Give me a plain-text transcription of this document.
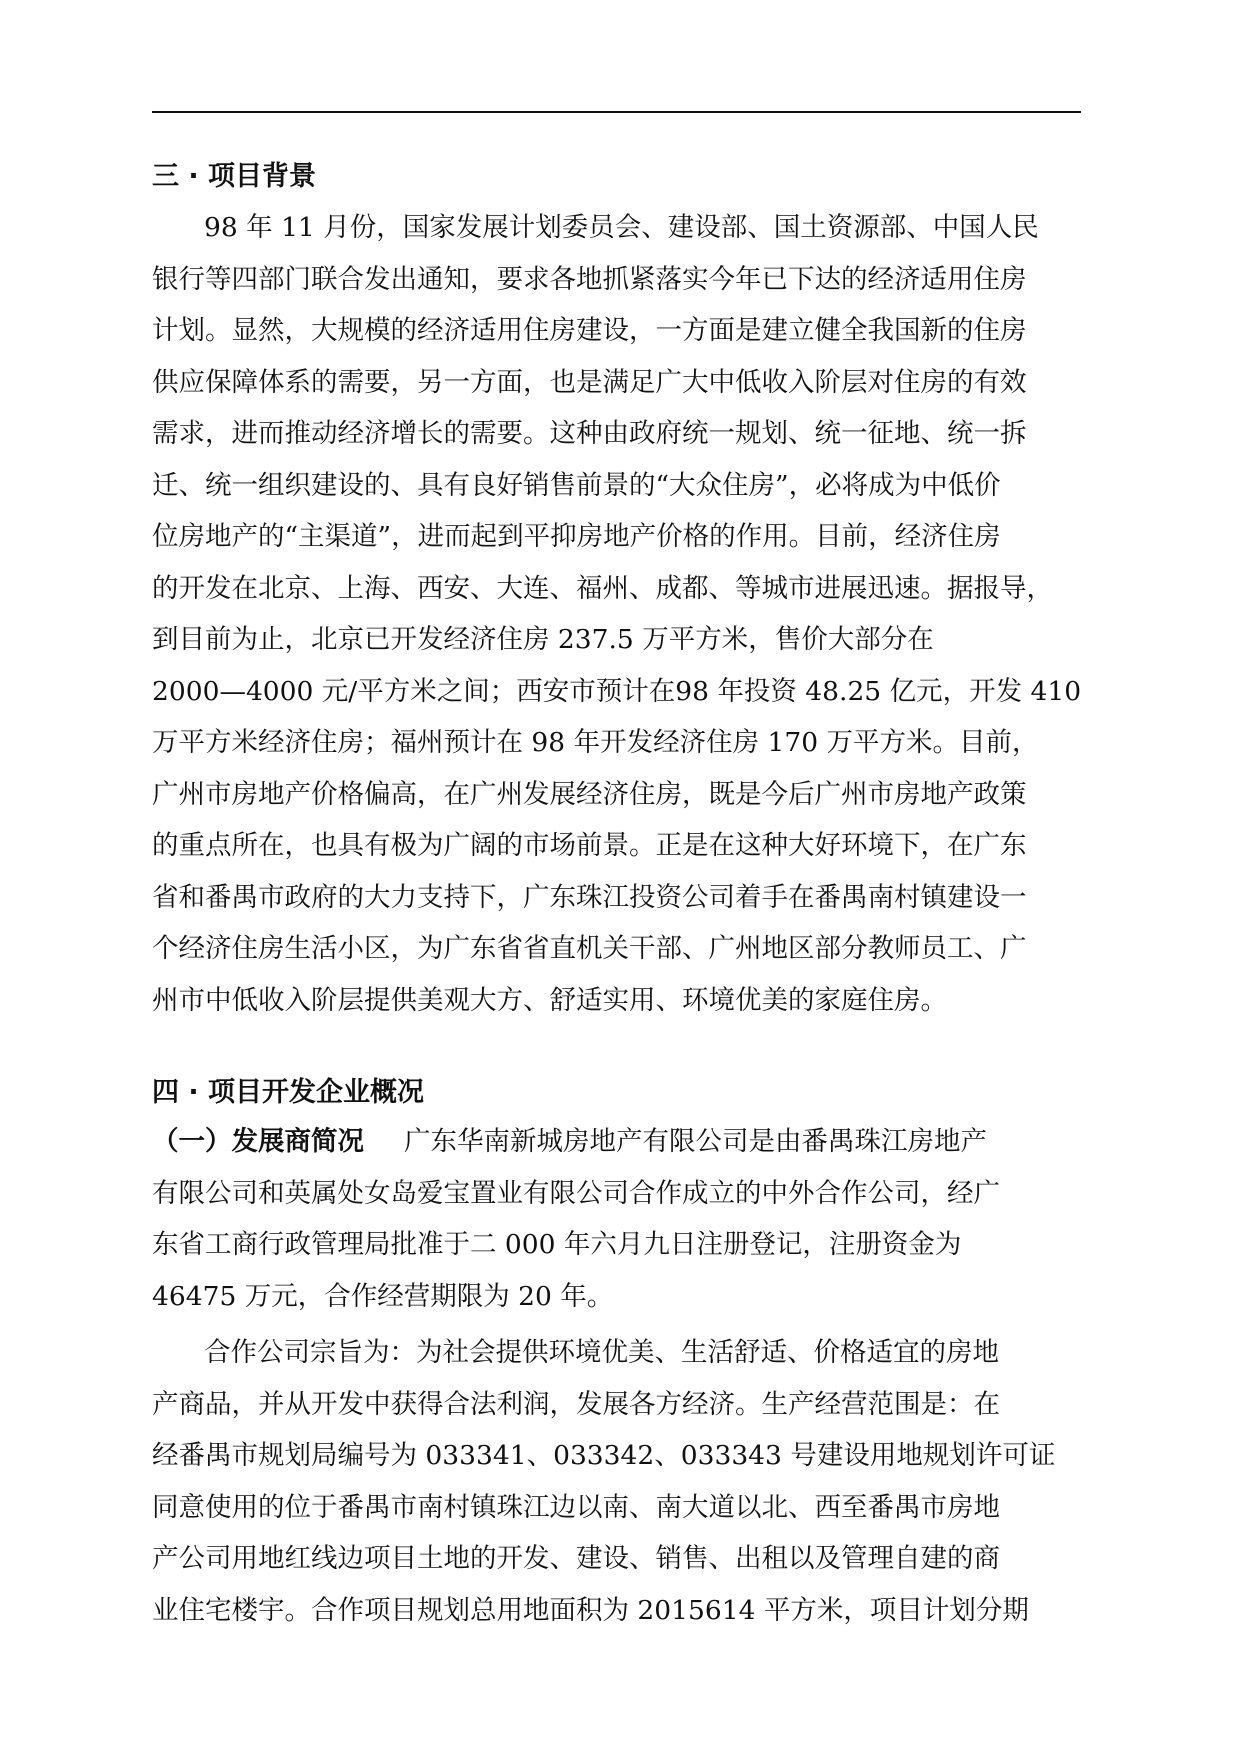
三 · 项目背景
98 年 11 月份，国家发展计划委员会、建设部、国土资源部、中国人民
银行等四部门联合发出通知，要求各地抓紧落实今年已下达的经济适用住房
计划。显然，大规模的经济适用住房建设，一方面是建立健全我国新的住房
供应保障体系的需要，另一方面，也是满足广大中低收入阶层对住房的有效
需求，进而推动经济增长的需要。这种由政府统一规划、统一征地、统一拆
迁、统一组织建设的、具有良好销售前景的“大众住房”，必将成为中低价
位房地产的“主渠道”，进而起到平抑房地产价格的作用。目前，经济住房
的开发在北京、上海、西安、大连、福州、成都、等城市进展迅速。据报导，
到目前为止，北京已开发经济住房 237.5 万平方米，售价大部分在
2000—4000 元/平方米之间；西安市预计在98 年投资 48.25 亿元，开发 410
万平方米经济住房；福州预计在 98 年开发经济住房 170 万平方米。目前，
广州市房地产价格偏高，在广州发展经济住房，既是今后广州市房地产政策
的重点所在，也具有极为广阔的市场前景。正是在这种大好环境下，在广东
省和番禺市政府的大力支持下，广东珠江投资公司着手在番禺南村镇建设一
个经济住房生活小区，为广东省省直机关干部、广州地区部分教师员工、广
州市中低收入阶层提供美观大方、舒适实用、环境优美的家庭住房。
四 · 项目开发企业概况
（一）发展商简况 广东华南新城房地产有限公司是由番禺珠江房地产
有限公司和英属处女岛爱宝置业有限公司合作成立的中外合作公司，经广
东省工商行政管理局批准于二 000 年六月九日注册登记，注册资金为
46475 万元，合作经营期限为 20 年。
合作公司宗旨为：为社会提供环境优美、生活舒适、价格适宜的房地
产商品，并从开发中获得合法利润，发展各方经济。生产经营范围是：在
经番禺市规划局编号为 033341、033342、033343 号建设用地规划许可证
同意使用的位于番禺市南村镇珠江边以南、南大道以北、西至番禺市房地
产公司用地红线边项目土地的开发、建设、销售、出租以及管理自建的商
业住宅楼宇。合作项目规划总用地面积为 2015614 平方米，项目计划分期
